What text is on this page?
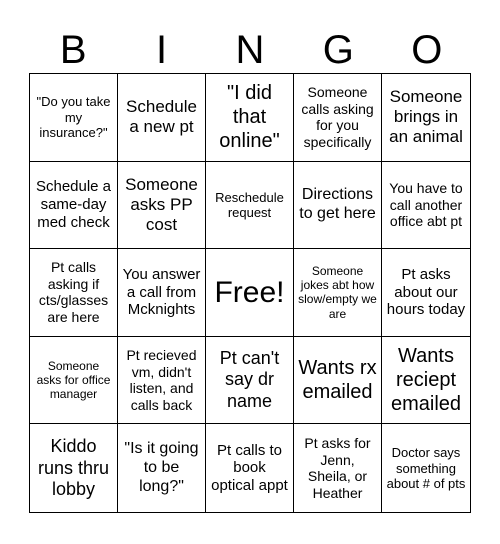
B	I	N	G	O
"Do you take my insurance?"
Schedule a new pt
"I did that online"
Someone calls asking for you specifically
Someone brings in an animal
Schedule a same-day med check
Someone asks PP cost
Reschedule request
Directions to get here
You have to call another office abt pt
Pt calls asking if cts/glasses are here
You answer a call from Mcknights
Free!
Someone jokes abt how slow/empty we are
Pt asks about our hours today
Someone asks for office manager
Pt recieved vm, didn't listen, and calls back
Pt can't say dr name
Wants rx emailed
Wants reciept emailed
Kiddo runs thru lobby
"Is it going to be long?"
Pt calls to book optical appt
Pt asks for Jenn, Sheila, or Heather
Doctor says something about # of pts
